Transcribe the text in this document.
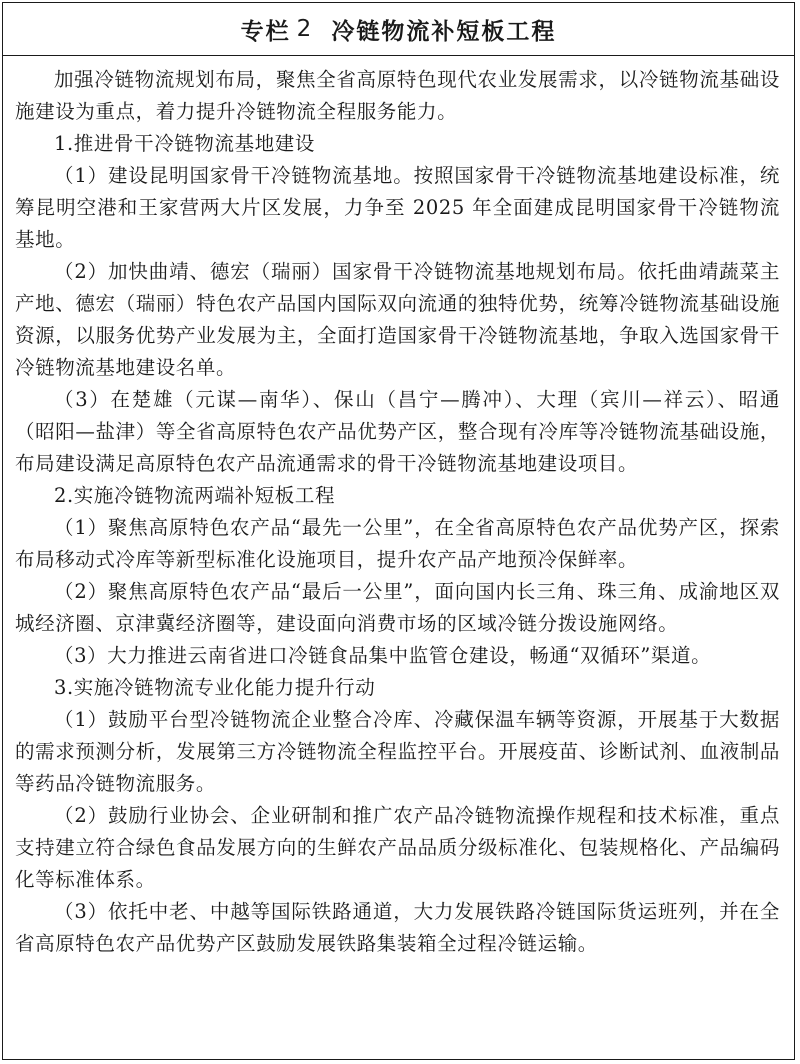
专栏 2 冷链物流补短板工程

加强冷链物流规划布局，聚焦全省高原特色现代农业发展需求，以冷链物流基础设施建设为重点，着力提升冷链物流全程服务能力。

1.推进骨干冷链物流基地建设

（1）建设昆明国家骨干冷链物流基地。按照国家骨干冷链物流基地建设标准，统筹昆明空港和王家营两大片区发展，力争至 2025 年全面建成昆明国家骨干冷链物流基地。

（2）加快曲靖、德宏（瑞丽）国家骨干冷链物流基地规划布局。依托曲靖蔬菜主产地、德宏（瑞丽）特色农产品国内国际双向流通的独特优势，统筹冷链物流基础设施资源，以服务优势产业发展为主，全面打造国家骨干冷链物流基地，争取入选国家骨干冷链物流基地建设名单。

（3）在楚雄（元谋—南华）、保山（昌宁—腾冲）、大理（宾川—祥云）、昭通（昭阳—盐津）等全省高原特色农产品优势产区，整合现有冷库等冷链物流基础设施，布局建设满足高原特色农产品流通需求的骨干冷链物流基地建设项目。

2.实施冷链物流两端补短板工程

（1）聚焦高原特色农产品“最先一公里”，在全省高原特色农产品优势产区，探索布局移动式冷库等新型标准化设施项目，提升农产品产地预冷保鲜率。

（2）聚焦高原特色农产品“最后一公里”，面向国内长三角、珠三角、成渝地区双城经济圈、京津冀经济圈等，建设面向消费市场的区域冷链分拨设施网络。

（3）大力推进云南省进口冷链食品集中监管仓建设，畅通“双循环”渠道。

3.实施冷链物流专业化能力提升行动

（1）鼓励平台型冷链物流企业整合冷库、冷藏保温车辆等资源，开展基于大数据的需求预测分析，发展第三方冷链物流全程监控平台。开展疫苗、诊断试剂、血液制品等药品冷链物流服务。

（2）鼓励行业协会、企业研制和推广农产品冷链物流操作规程和技术标准，重点支持建立符合绿色食品发展方向的生鲜农产品品质分级标准化、包装规格化、产品编码化等标准体系。

（3）依托中老、中越等国际铁路通道，大力发展铁路冷链国际货运班列，并在全省高原特色农产品优势产区鼓励发展铁路集装箱全过程冷链运输。
